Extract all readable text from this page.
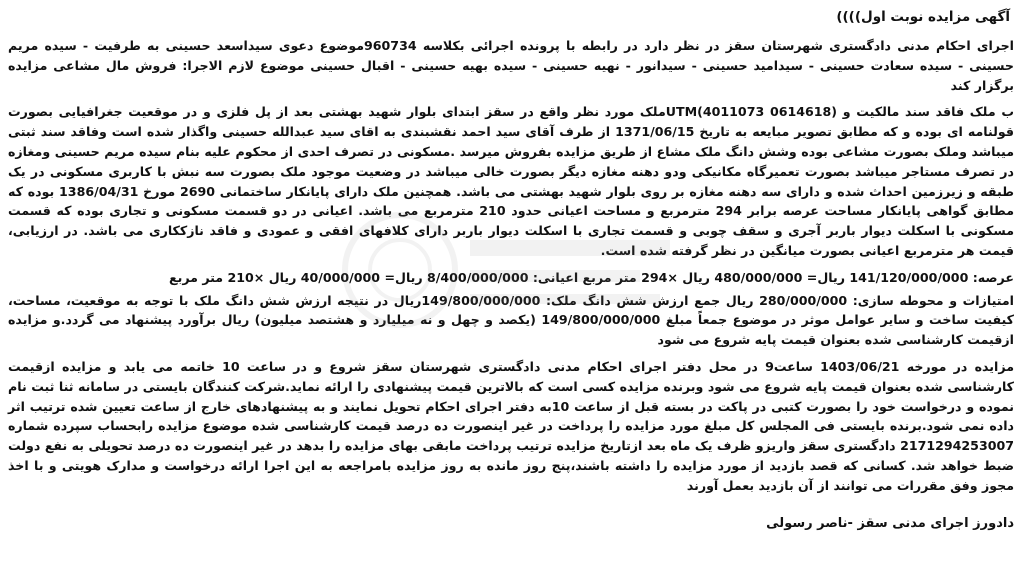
آگهی مزایده نوبت اول))))
اجرای احکام مدنی دادگستری شهرستان سقز در نظر دارد در رابطه با پرونده اجرائی بکلاسه 960734موضوع دعوی سیداسعد حسینی به طرفیت - سیده مریم حسینی - سیده سعادت حسینی - سیدامید حسینی - سیدانور - نهیه حسینی - سیده بهیه حسینی - اقبال حسینی موضوع لازم الاجرا: فروش مال مشاعی مزایده برگزار کند
ب ملک فاقد سند مالکیت و (0614618 4011073)UTMملک مورد نظر واقع در سقز ابتدای بلوار شهید بهشتی بعد از پل فلزی و در موقعیت جغرافیایی بصورت قولنامه ای بوده و که مطابق تصویر مبایعه به تاریخ 1371/06/15 از طرف آقای سید احمد نقشبندی به اقای سید عبدالله حسینی واگذار شده است وفاقد سند ثبتی میباشد وملک بصورت مشاعی بوده وشش دانگ ملک مشاع از طریق مزایده بفروش میرسد .مسکونی در تصرف احدی از محکوم علیه بنام سیده مریم حسینی ومغازه در تصرف مستاجر میباشد بصورت تعمیرگاه مکانیکی ودو دهنه مغازه دیگر بصورت خالی میباشد در وضعیت موجود ملک بصورت سه نبش با کاربری مسکونی در یک طبقه و زیرزمین احداث شده و دارای سه دهنه مغازه بر روی بلوار شهید بهشتی می باشد. همچنین ملک دارای پایانکار ساختمانی 2690 مورخ 1386/04/31 بوده که مطابق گواهی پایانکار مساحت عرصه برابر 294 مترمربع و مساحت اعیانی حدود 210 مترمربع می باشد. اعیانی در دو قسمت مسکونی و تجاری بوده که قسمت مسکونی با اسکلت دیوار باربر آجری و سقف چوبی و قسمت تجاری با اسکلت دیوار باربر دارای کلافهای افقی و عمودی و فاقد نازککاری می باشد. در ارزیابی، قیمت هر مترمربع اعیانی بصورت میانگین در نظر گرفته شده است.
عرصه: 141/120/000/000 ریال= 480/000/000 ریال ×294 متر مربع اعیانی: 8/400/000/000 ریال= 40/000/000 ریال ×210 متر مربع
امتیازات و محوطه سازی: 280/000/000 ریال جمع ارزش شش دانگ ملک: 149/800/000/000ریال در نتیجه ارزش شش دانگ ملک با توجه به موقعیت، مساحت، کیفیت ساخت و سایر عوامل موثر در موضوع جمعاً مبلغ 149/800/000/000 (یکصد و چهل و نه میلیارد و هشتصد میلیون) ریال برآورد پیشنهاد می گردد.و مزایده ازقیمت کارشناسی شده بعنوان قیمت پایه شروع می شود
مزایده در مورخه 1403/06/21 ساعت9 در محل دفتر اجرای احکام مدنی دادگستری شهرستان سقز شروع و در ساعت 10 خاتمه می یابد و مزایده ازقیمت کارشناسی شده بعنوان قیمت پایه شروع می شود وبرنده مزایده کسی است که بالاترین قیمت پیشنهادی را ارائه نماید.شرکت کنندگان بایستی در سامانه ثنا ثبت نام نموده و درخواست خود را بصورت کتبی در پاکت در بسته قبل از ساعت 10به دفتر اجرای احکام تحویل نمایند و به پیشنهادهای خارج از ساعت تعیین شده ترتیب اثر داده نمی شود.برنده بایستی فی المجلس کل مبلغ مورد مزایده را پرداخت در غیر اینصورت ده درصد قیمت کارشناسی شده موضوع مزایده رابحساب سپرده شماره 2171294253007 دادگستری سقز واریزو ظرف یک ماه بعد ازتاریخ مزایده ترتیب پرداخت مابقی بهای مزایده را بدهد در غیر اینصورت ده درصد تحویلی به نفع دولت ضبط خواهد شد. کسانی که قصد بازدید از مورد مزایده را داشته باشند،پنج روز مانده به روز مزایده بامراجعه به این اجرا ارائه درخواست و مدارک هویتی و با اخذ مجوز وفق مقررات می توانند از آن بازدید بعمل آورند
دادورز اجرای مدنی سقز -ناصر رسولی
